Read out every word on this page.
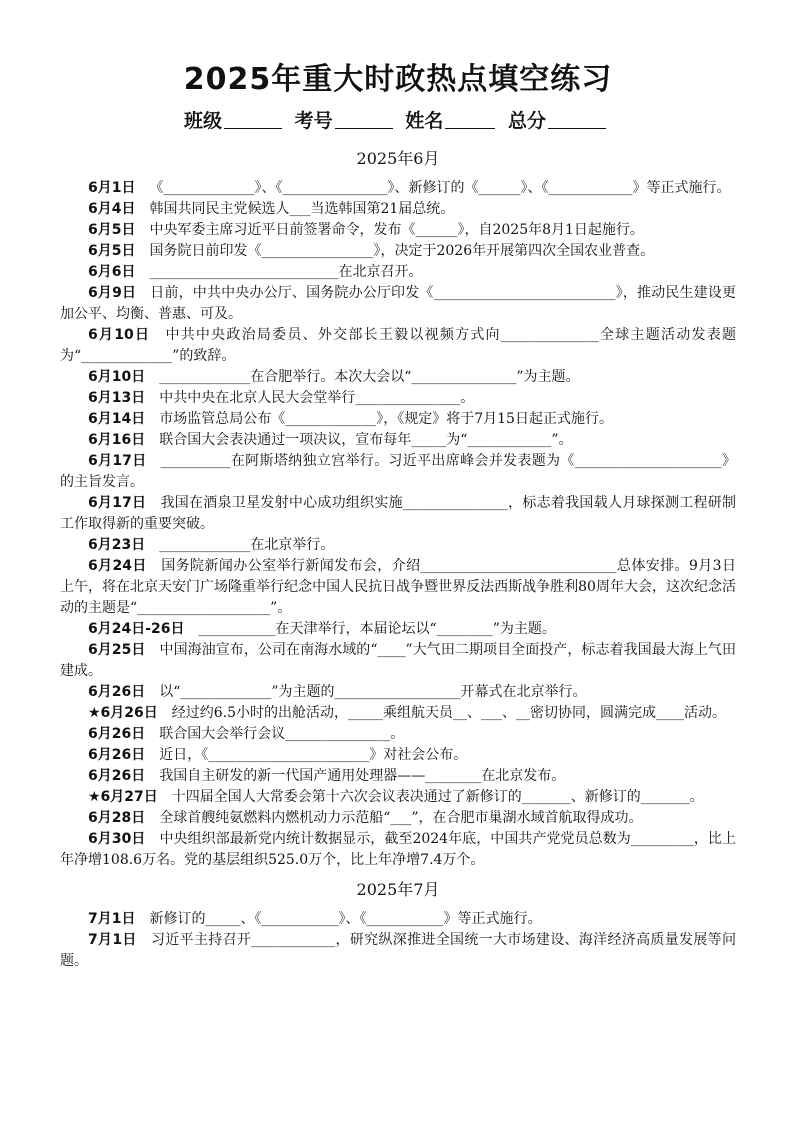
2025年重大时政热点填空练习
班级	考号	姓名	总分
2025年6月

6月1日  《_____________》、《_______________》、新修订的《______》、《____________》等正式施行。

6月4日  韩国共同民主党候选人___当选韩国第21届总统。

6月5日  中央军委主席习近平日前签署命令，发布《______》，自2025年8月1日起施行。

6月5日  国务院日前印发《________________》，决定于2026年开展第四次全国农业普查。

6月6日  ___________________________在北京召开。

6月9日  日前，中共中央办公厅、国务院办公厅印发《__________________________》，推动民生建设更加公平、均衡、普惠、可及。

6月10日  中共中央政治局委员、外交部长王毅以视频方式向______________全球主题活动发表题为“_____________”的致辞。

6月10日  _____________在合肥举行。本次大会以“_______________”为主题。

6月13日  中共中央在北京人民大会堂举行_______________。

6月14日  市场监管总局公布《_____________》，《规定》将于7月15日起正式施行。

6月16日  联合国大会表决通过一项决议，宣布每年_____为“____________”。

6月17日  __________在阿斯塔纳独立宫举行。习近平出席峰会并发表题为《_____________________》的主旨发言。

6月17日  我国在酒泉卫星发射中心成功组织实施_______________，标志着我国载人月球探测工程研制工作取得新的重要突破。

6月23日  _____________在北京举行。

6月24日  国务院新闻办公室举行新闻发布会，介绍____________________________总体安排。9月3日上午，将在北京天安门广场隆重举行纪念中国人民抗日战争暨世界反法西斯战争胜利80周年大会，这次纪念活动的主题是“___________________”。

6月24日-26日  ___________在天津举行，本届论坛以“________”为主题。

6月25日  中国海油宣布，公司在南海水域的“____”大气田二期项目全面投产，标志着我国最大海上气田建成。

6月26日  以“_____________”为主题的__________________开幕式在北京举行。

★6月26日  经过约6.5小时的出舱活动，_____乘组航天员__、___、__密切协同，圆满完成____活动。

6月26日  联合国大会举行会议_______________。

6月26日  近日，《_______________________》对社会公布。

6月26日  我国自主研发的新一代国产通用处理器——________在北京发布。

★6月27日  十四届全国人大常委会第十六次会议表决通过了新修订的_______、新修订的_______。

6月28日  全球首艘纯氨燃料内燃机动力示范船“___”，在合肥市巢湖水域首航取得成功。

6月30日  中央组织部最新党内统计数据显示，截至2024年底，中国共产党党员总数为_________，比上年净增108.6万名。党的基层组织525.0万个，比上年净增7.4万个。

2025年7月

7月1日  新修订的_____、《___________》、《___________》等正式施行。

7月1日  习近平主持召开____________，研究纵深推进全国统一大市场建设、海洋经济高质量发展等问题。
